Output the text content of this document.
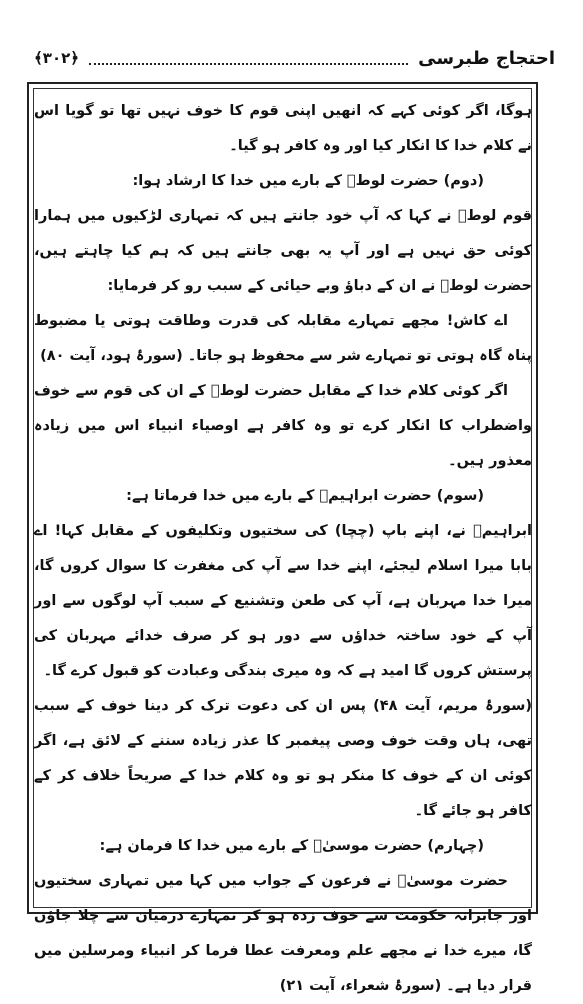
احتجاج طبرسی
﴾۳۰۲﴿

ہوگا، اگر کوئی کہے کہ انھیں اپنی قوم کا خوف نہیں تھا تو گویا اس نے کلام خدا کا انکار کیا اور وہ کافر ہو گیا۔

(دوم) حضرت لوطؑ کے بارے میں خدا کا ارشاد ہوا:

قوم لوطؑ نے کہا کہ آپ خود جانتے ہیں کہ تمہاری لڑکیوں میں ہمارا کوئی حق نہیں ہے اور آپ یہ بھی جانتے ہیں کہ ہم کیا چاہتے ہیں، حضرت لوطؑ نے ان کے دباؤ وبے حیائی کے سبب رو کر فرمایا:

اے کاش! مجھے تمہارے مقابلہ کی قدرت وطاقت ہوتی یا مضبوط پناہ گاہ ہوتی تو تمہارے شر سے محفوظ ہو جاتا۔ (سورۂ ہود، آیت ۸۰)

اگر کوئی کلام خدا کے مقابل حضرت لوطؑ کے ان کی قوم سے خوف واضطراب کا انکار کرے تو وہ کافر ہے اوصیاء انبیاء اس میں زیادہ معذور ہیں۔

(سوم) حضرت ابراہیمؑ کے بارے میں خدا فرماتا ہے:

ابراہیمؑ نے، اپنے باپ (چچا) کی سختیوں وتکلیفوں کے مقابل کہا! اے بابا میرا اسلام لیجئے، اپنے خدا سے آپ کی مغفرت کا سوال کروں گا، میرا خدا مہربان ہے، آپ کی طعن وتشنیع کے سبب آپ لوگوں سے اور آپ کے خود ساختہ خداؤں سے دور ہو کر صرف خدائے مہربان کی پرستش کروں گا امید ہے کہ وہ میری بندگی وعبادت کو قبول کرے گا۔

(سورۂ مریم، آیت ۴۸) پس ان کی دعوت ترک کر دینا خوف کے سبب تھی، ہاں وقت خوف وصی پیغمبر کا عذر زیادہ سننے کے لائق ہے، اگر کوئی ان کے خوف کا منکر ہو تو وہ کلام خدا کے صریحاً خلاف کر کے کافر ہو جائے گا۔

(چہارم) حضرت موسیٰؑ کے بارے میں خدا کا فرمان ہے:

حضرت موسیٰؑ نے فرعون کے جواب میں کہا میں تمہاری سختیوں اور جابرانہ حکومت سے خوف زدہ ہو کر تمہارے درمیان سے چلا جاؤں گا، میرے خدا نے مجھے علم ومعرفت عطا فرما کر انبیاء ومرسلین میں قرار دیا ہے۔ (سورۂ شعراء، آیت ۲۱)
